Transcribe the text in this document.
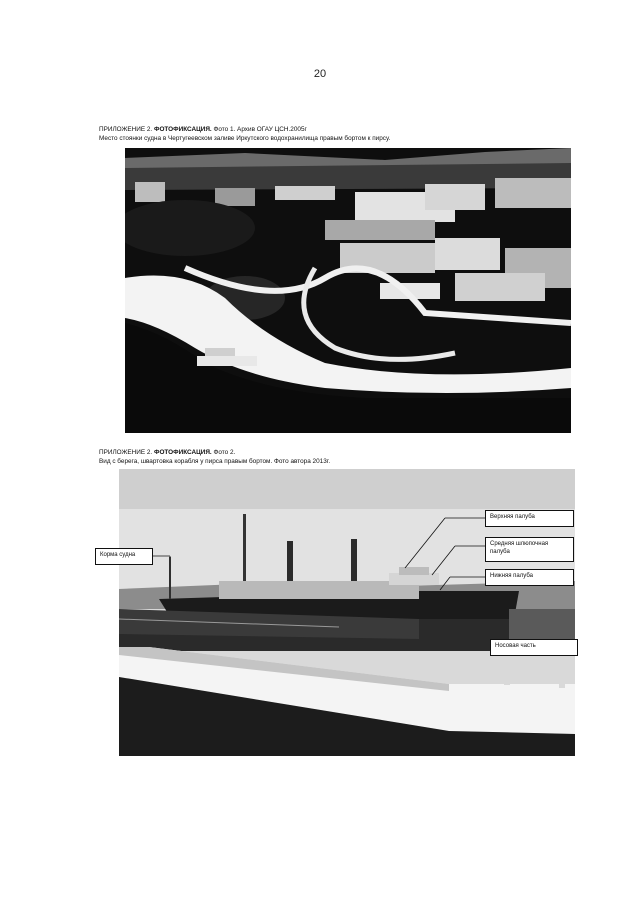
20
ПРИЛОЖЕНИЕ 2. ФОТОФИКСАЦИЯ. Фото 1. Архив ОГАУ ЦСН.2005г
Место стоянки судна в Чертугеевском заливе Иркутского водохранилища правым бортом к пирсу.
ПРИЛОЖЕНИЕ 2. ФОТОФИКСАЦИЯ. Фото 2.
Вид с берега, швартовка корабля у пирса правым бортом. Фото автора 2013г.
Верхняя палуба
Средняя шлюпочная палуба
Нижняя палуба
Корма судна
Носовая часть
